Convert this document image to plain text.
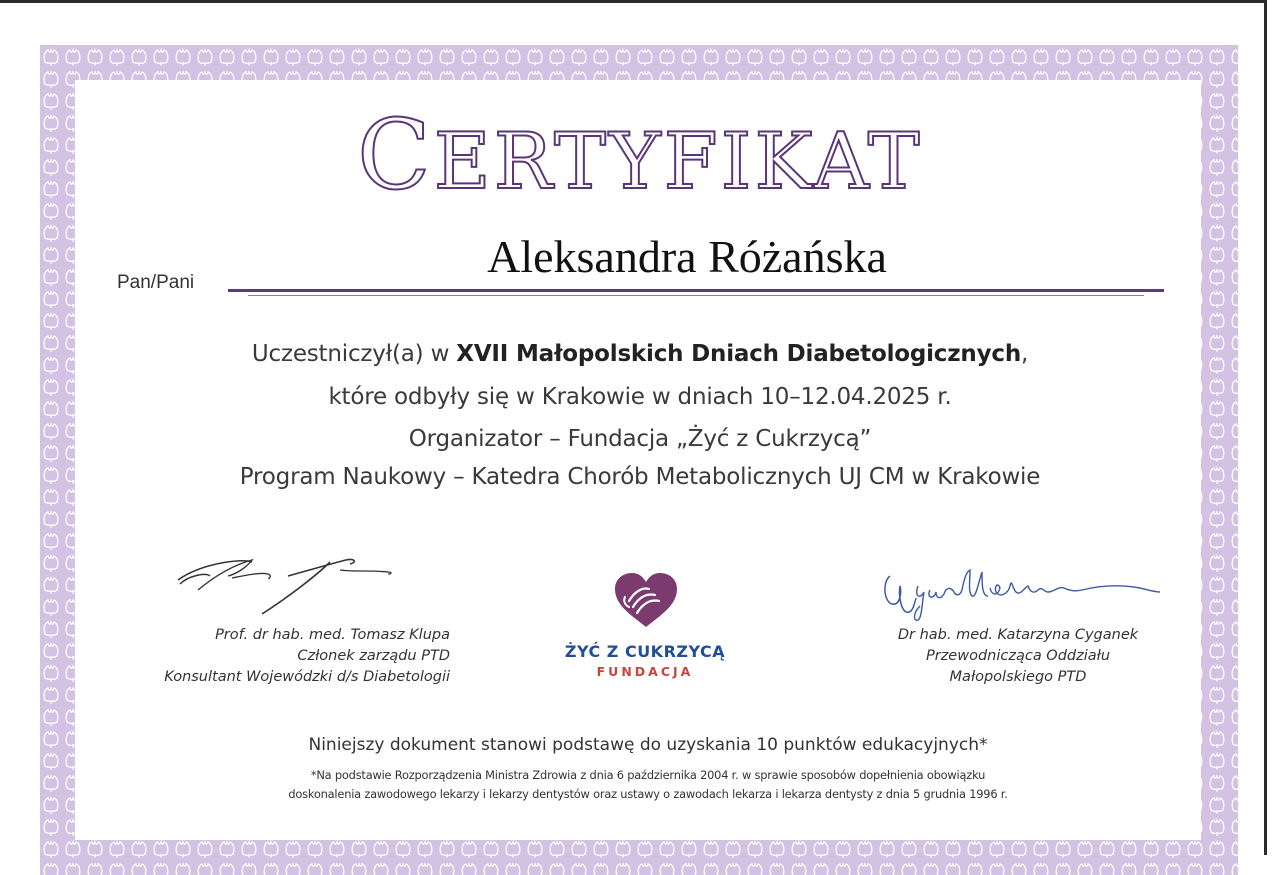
CERTYFIKAT
Pan/Pani
Aleksandra Różańska
Uczestniczył(a) w XVII Małopolskich Dniach Diabetologicznych,
które odbyły się w Krakowie w dniach 10–12.04.2025 r.
Organizator – Fundacja „Żyć z Cukrzycą”
Program Naukowy – Katedra Chorób Metabolicznych UJ CM w Krakowie
Prof. dr hab. med. Tomasz Klupa
Członek zarządu PTD
Konsultant Wojewódzki d/s Diabetologii
ŻYĆ Z CUKRZYCĄ
FUNDACJA
Dr hab. med. Katarzyna Cyganek
Przewodnicząca Oddziału
Małopolskiego PTD
Niniejszy dokument stanowi podstawę do uzyskania 10 punktów edukacyjnych*
*Na podstawie Rozporządzenia Ministra Zdrowia z dnia 6 października 2004 r. w sprawie sposobów dopełnienia obowiązku
doskonalenia zawodowego lekarzy i lekarzy dentystów oraz ustawy o zawodach lekarza i lekarza dentysty z dnia 5 grudnia 1996 r.
